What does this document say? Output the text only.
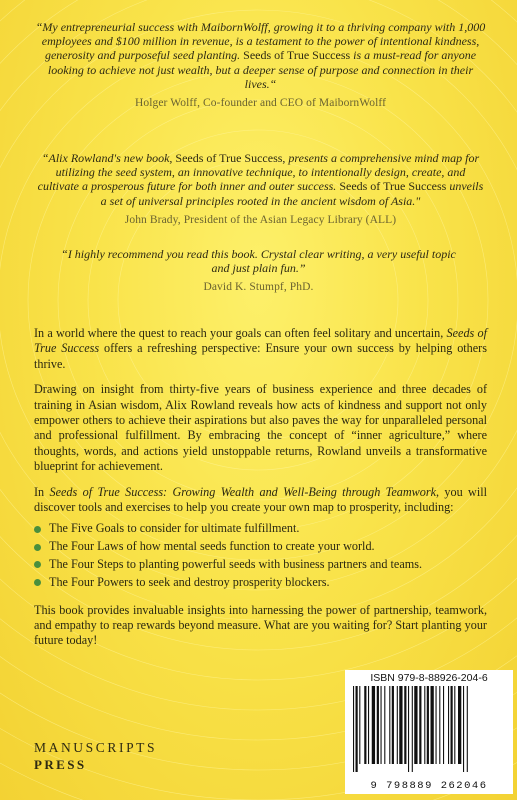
“My entrepreneurial success with MaibornWolff, growing it to a thriving company with 1,000 employees and $100 million in revenue, is a testament to the power of intentional kindness, generosity and purposeful seed planting. Seeds of True Success is a must-read for anyone looking to achieve not just wealth, but a deeper sense of purpose and connection in their lives.“

Holger Wolff, Co-founder and CEO of MaibornWolff

“Alix Rowland's new book, Seeds of True Success, presents a comprehensive mind map for utilizing the seed system, an innovative technique, to intentionally design, create, and cultivate a prosperous future for both inner and outer success. Seeds of True Success unveils a set of universal principles rooted in the ancient wisdom of Asia."

John Brady, President of the Asian Legacy Library (ALL)

“I highly recommend you read this book. Crystal clear writing, a very useful topic and just plain fun.”

David K. Stumpf, PhD.

In a world where the quest to reach your goals can often feel solitary and uncertain, Seeds of True Success offers a refreshing perspective: Ensure your own success by helping others thrive.

Drawing on insight from thirty-five years of business experience and three decades of training in Asian wisdom, Alix Rowland reveals how acts of kindness and support not only empower others to achieve their aspirations but also paves the way for unparalleled personal and professional fulfillment. By embracing the concept of “inner agriculture,” where thoughts, words, and actions yield unstoppable returns, Rowland unveils a transformative blueprint for achievement.

In Seeds of True Success: Growing Wealth and Well-Being through Teamwork, you will discover tools and exercises to help you create your own map to prosperity, including:

The Five Goals to consider for ultimate fulfillment.
The Four Laws of how mental seeds function to create your world.
The Four Steps to planting powerful seeds with business partners and teams.
The Four Powers to seek and destroy prosperity blockers.

This book provides invaluable insights into harnessing the power of partnership, teamwork, and empathy to reap rewards beyond measure. What are you waiting for? Start planting your future today!

MANUSCRIPTS
PRESS
ISBN 979-8-88926-204-6
9 798889 262046
